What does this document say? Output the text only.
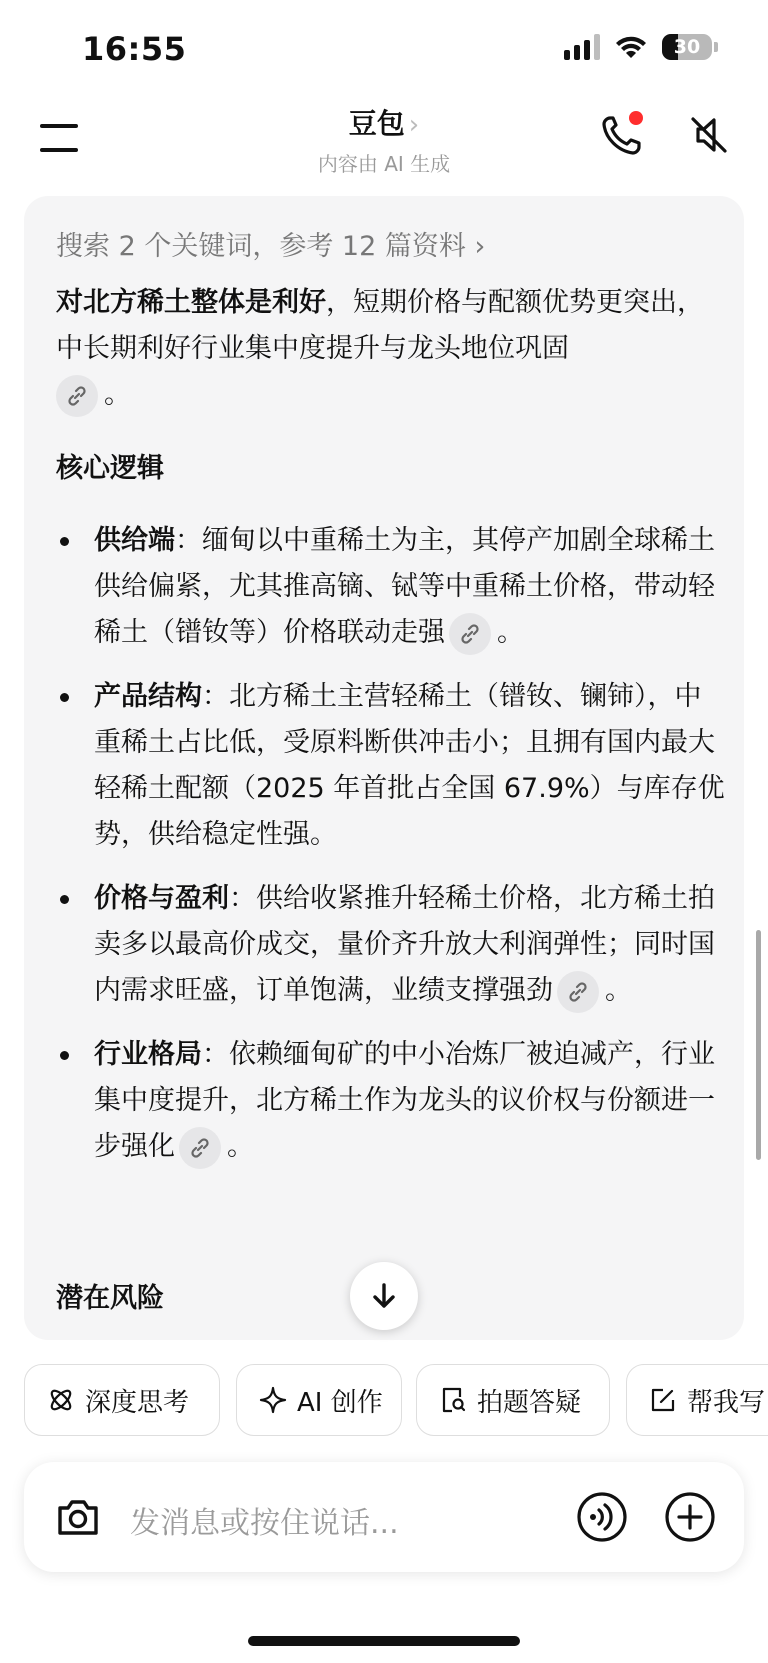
16:55	30
豆包 ›
内容由 AI 生成
搜索 2 个关键词，参考 12 篇资料 ›
对北方稀土整体是利好，短期价格与配额优势更突出，中长期利好行业集中度提升与龙头地位巩固

。
核心逻辑
供给端：缅甸以中重稀土为主，其停产加剧全球稀土供给偏紧，尤其推高镝、铽等中重稀土价格，带动轻稀土（镨钕等）价格联动走强 。
产品结构：北方稀土主营轻稀土（镨钕、镧铈），中重稀土占比低，受原料断供冲击小；且拥有国内最大轻稀土配额（2025 年首批占全国 67.9%）与库存优势，供给稳定性强。
价格与盈利：供给收紧推升轻稀土价格，北方稀土拍卖多以最高价成交，量价齐升放大利润弹性；同时国内需求旺盛，订单饱满，业绩支撑强劲 。
行业格局：依赖缅甸矿的中小冶炼厂被迫减产，行业集中度提升，北方稀土作为龙头的议价权与份额进一步强化 。
潜在风险
深度思考	AI 创作	拍题答疑	帮我写
发消息或按住说话...
